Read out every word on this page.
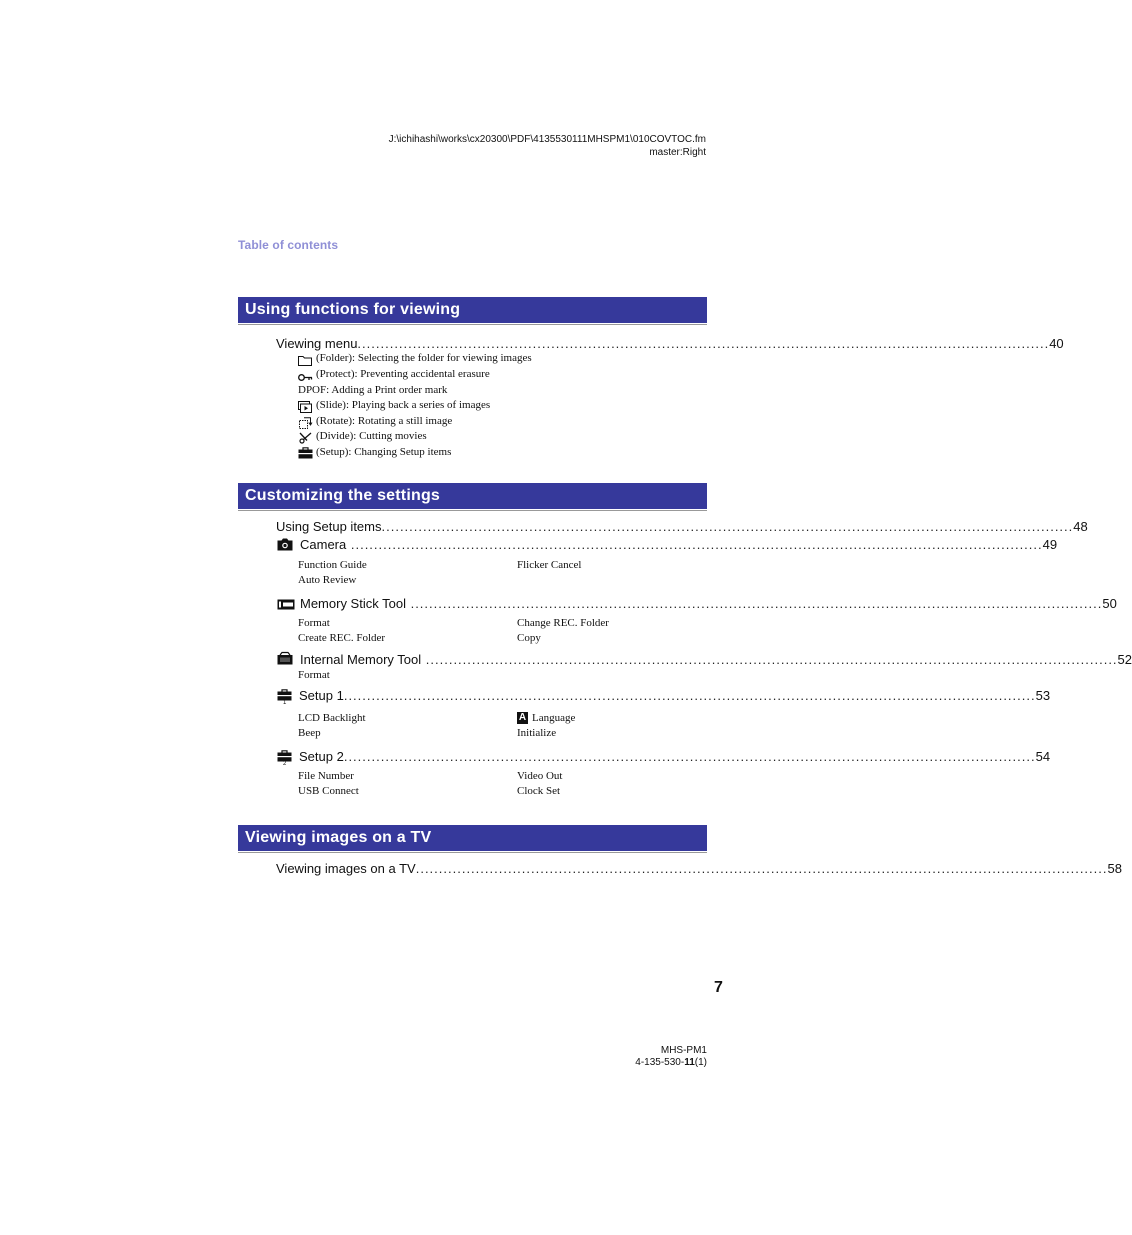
J:\ichihashi\works\cx20300\PDF\4135530111MHSPM1\010COVTOC.fm
master:Right
Table of contents
Using functions for viewing
Viewing menu ...................................................................................................................................................... 40
(Folder): Selecting the folder for viewing images
(Protect): Preventing accidental erasure
DPOF: Adding a Print order mark
(Slide): Playing back a series of images
(Rotate): Rotating a still image
(Divide): Cutting movies
(Setup): Changing Setup items
Customizing the settings
Using Setup items ...................................................................................................................................................... 48
Camera ...................................................................................................................................................... 49
Function Guide
Auto Review
Flicker Cancel
Memory Stick Tool ...................................................................................................................................................... 50
Format
Create REC. Folder
Change REC. Folder
Copy
Internal Memory Tool ...................................................................................................................................................... 52
Format
1 Setup 1 ...................................................................................................................................................... 53
LCD Backlight
Beep
A Language
Initialize
2 Setup 2 ...................................................................................................................................................... 54
File Number
USB Connect
Video Out
Clock Set
Viewing images on a TV
Viewing images on a TV ...................................................................................................................................................... 58
7
MHS-PM1
4-135-530-11(1)
